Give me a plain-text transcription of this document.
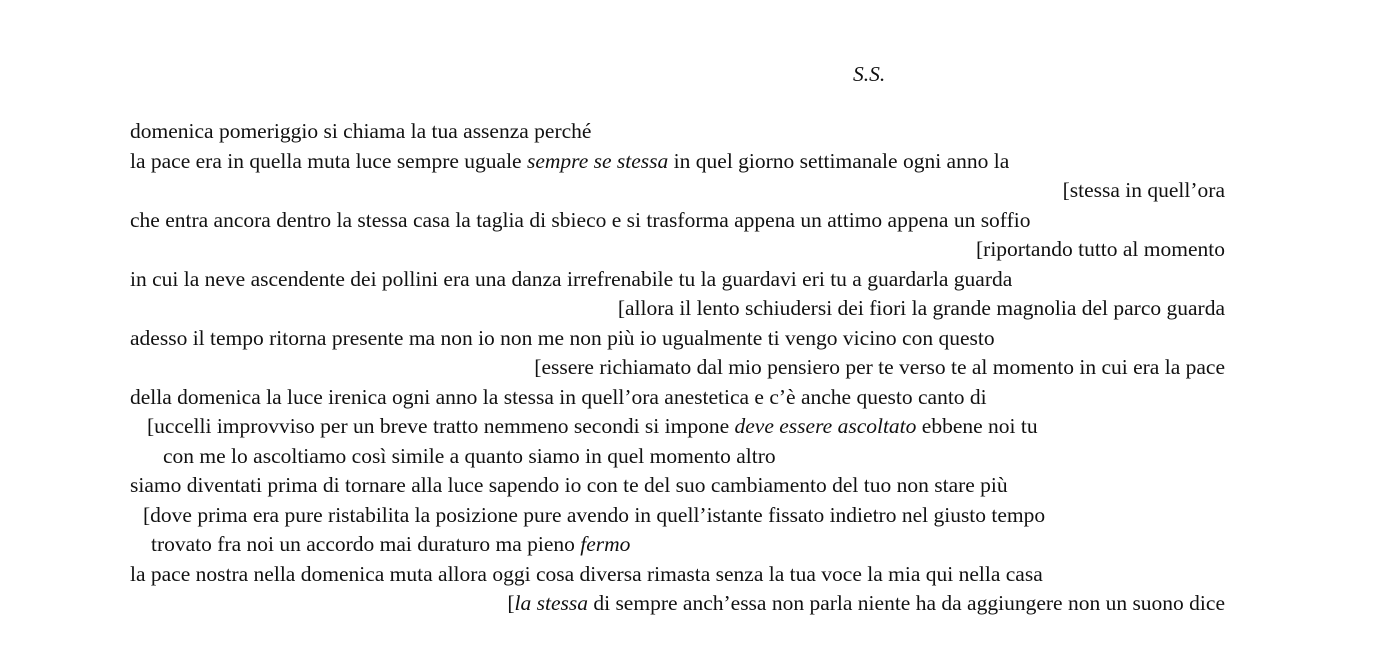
S.S.
domenica pomeriggio si chiama la tua assenza perché
la pace era in quella muta luce sempre uguale sempre se stessa in quel giorno settimanale ogni anno la
[stessa in quell’ora
che entra ancora dentro la stessa casa la taglia di sbieco e si trasforma appena un attimo appena un soffio
[riportando tutto al momento
in cui la neve ascendente dei pollini era una danza irrefrenabile tu la guardavi eri tu a guardarla guarda
[allora il lento schiudersi dei fiori la grande magnolia del parco guarda
adesso il tempo ritorna presente ma non io non me non più io ugualmente ti vengo vicino con questo
[essere richiamato dal mio pensiero per te verso te al momento in cui era la pace
della domenica la luce irenica ogni anno la stessa in quell’ora anestetica e c’è anche questo canto di
[uccelli improvviso per un breve tratto nemmeno secondi si impone deve essere ascoltato ebbene noi tu
con me lo ascoltiamo così simile a quanto siamo in quel momento altro
siamo diventati prima di tornare alla luce sapendo io con te del suo cambiamento del tuo non stare più
[dove prima era pure ristabilita la posizione pure avendo in quell’istante fissato indietro nel giusto tempo
trovato fra noi un accordo mai duraturo ma pieno fermo
la pace nostra nella domenica muta allora oggi cosa diversa rimasta senza la tua voce la mia qui nella casa
[la stessa di sempre anch’essa non parla niente ha da aggiungere non un suono dice
